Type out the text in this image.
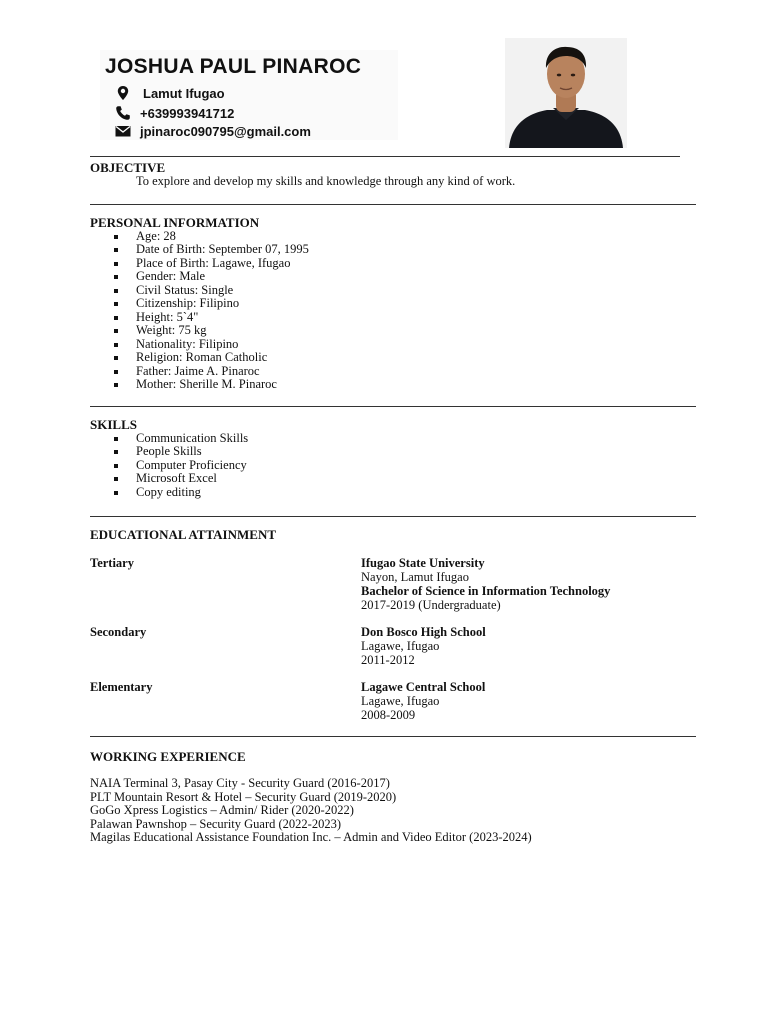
JOSHUA PAUL PINAROC
Lamut Ifugao
+639993941712
jpinaroc090795@gmail.com
OBJECTIVE
To explore and develop my skills and knowledge through any kind of work.
PERSONAL INFORMATION
Age: 28
Date of Birth: September 07, 1995
Place of Birth: Lagawe, Ifugao
Gender: Male
Civil Status: Single
Citizenship: Filipino
Height: 5`4"
Weight: 75 kg
Nationality: Filipino
Religion: Roman Catholic
Father: Jaime A. Pinaroc
Mother: Sherille M. Pinaroc
SKILLS
Communication Skills
People Skills
Computer Proficiency
Microsoft Excel
Copy editing
EDUCATIONAL ATTAINMENT
Tertiary	Ifugao State University
Nayon, Lamut Ifugao
Bachelor of Science in Information Technology
2017-2019 (Undergraduate)
Secondary	Don Bosco High School
Lagawe, Ifugao
2011-2012
Elementary	Lagawe Central School
Lagawe, Ifugao
2008-2009
WORKING EXPERIENCE
NAIA Terminal 3, Pasay City - Security Guard (2016-2017)
PLT Mountain Resort & Hotel – Security Guard (2019-2020)
GoGo Xpress Logistics – Admin/ Rider (2020-2022)
Palawan Pawnshop – Security Guard (2022-2023)
Magilas Educational Assistance Foundation Inc. – Admin and Video Editor (2023-2024)
